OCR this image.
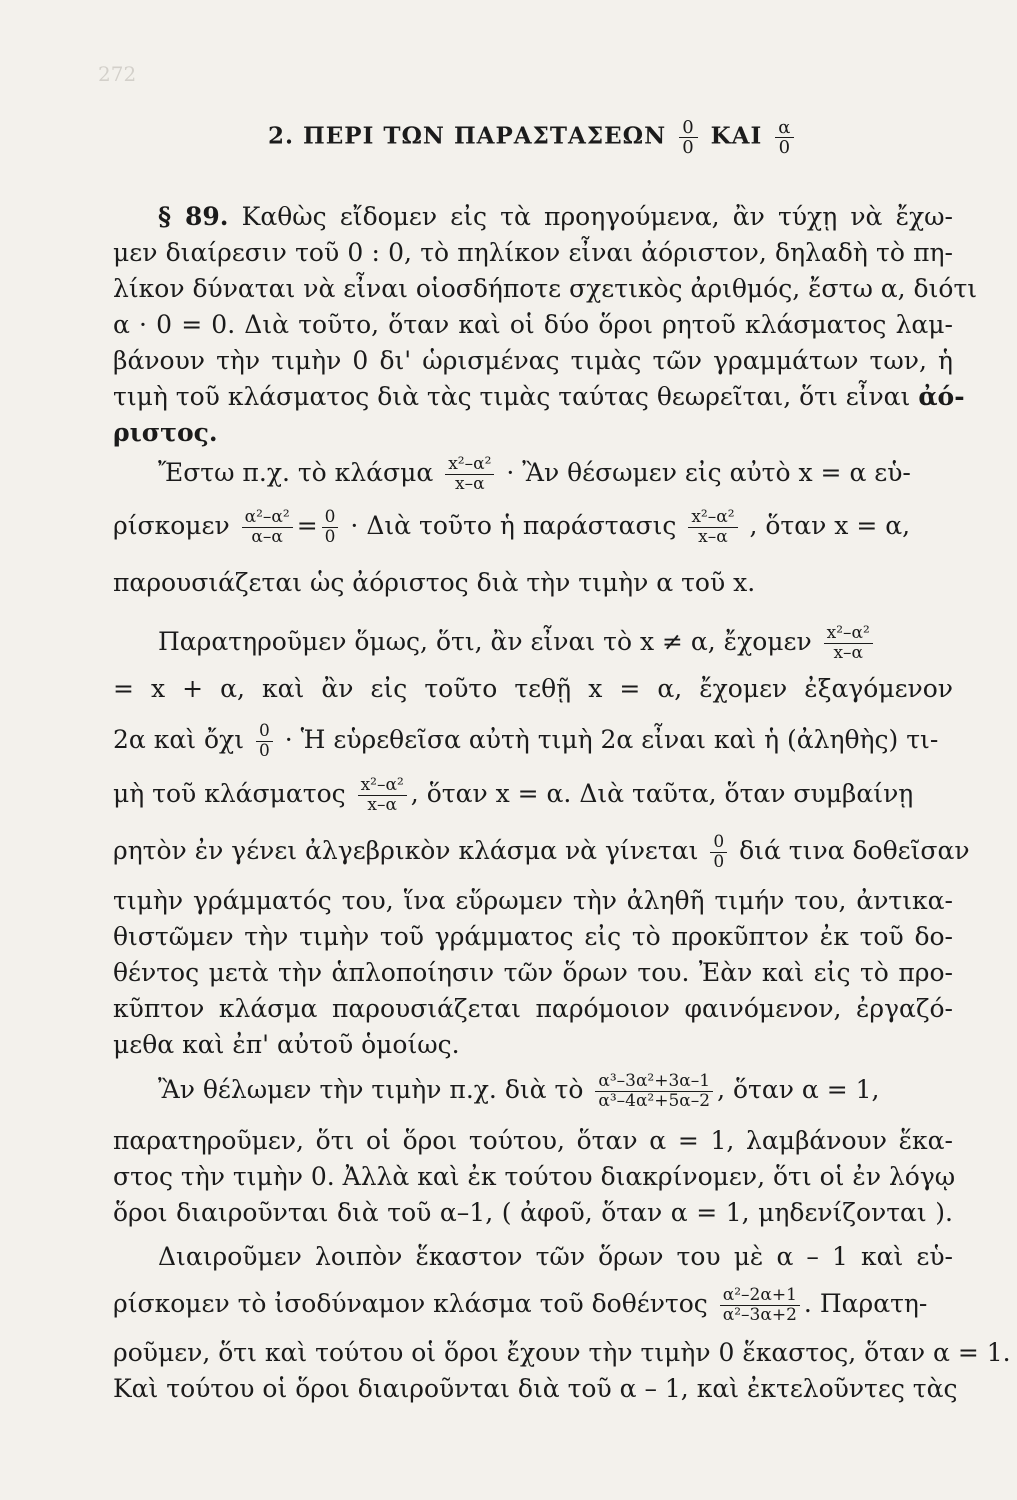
272
2. ΠΕΡΙ ΤΩΝ ΠΑΡΑΣΤΑΣΕΩΝ $\frac{0}{0}$ ΚΑΙ $\frac{\alpha}{0}$
§ 89. Καθὼς εἴδομεν εἰς τὰ προηγούμενα, ἂν τύχῃ νὰ ἔχω-
μεν διαίρεσιν τοῦ 0 : 0, τὸ πηλίκον εἶναι ἀόριστον, δηλαδὴ τὸ πη-
λίκον δύναται νὰ εἶναι οἱοσδήποτε σχετικὸς ἀριθμός, ἔστω α, διότι
α · 0 = 0. Διὰ τοῦτο, ὅταν καὶ οἱ δύο ὅροι ρητοῦ κλάσματος λαμ-
βάνουν τὴν τιμὴν 0 δι' ὡρισμένας τιμὰς τῶν γραμμάτων των, ἡ
τιμὴ τοῦ κλάσματος διὰ τὰς τιμὰς ταύτας θεωρεῖται, ὅτι εἶναι ἀό-
ριστος.
Ἔστω π.χ. τὸ κλάσμα $\frac{\text{x²–α²}}{x-\alpha}$ · Ἂν θέσωμεν εἰς αὐτὸ x = α εὑ-
ρίσκομεν $\frac{\text{α²–α²}}{\alpha-\alpha} = \frac{0}{0}$ · Διὰ τοῦτο ἡ παράστασις $\frac{\text{x²–α²}}{x-\alpha}$ , ὅταν x = α,
παρουσιάζεται ὡς ἀόριστος διὰ τὴν τιμὴν α τοῦ x.
Παρατηροῦμεν ὅμως, ὅτι, ἂν εἶναι τὸ x ≠ α, ἔχομεν $\frac{\text{x²–α²}}{x-\alpha}$
= x + α, καὶ ἂν εἰς τοῦτο τεθῇ x = α, ἔχομεν ἐξαγόμενον
2α καὶ ὄχι $\frac{0}{0}$ · Ἡ εὑρεθεῖσα αὐτὴ τιμὴ 2α εἶναι καὶ ἡ (ἀληθὴς) τι-
μὴ τοῦ κλάσματος $\frac{\text{x²–α²}}{x-\alpha}$ , ὅταν x = α. Διὰ ταῦτα, ὅταν συμβαίνῃ
ρητὸν ἐν γένει ἀλγεβρικὸν κλάσμα νὰ γίνεται $\frac{0}{0}$ διά τινα δοθεῖσαν
τιμὴν γράμματός του, ἵνα εὕρωμεν τὴν ἀληθῆ τιμήν του, ἀντικα-
θιστῶμεν τὴν τιμὴν τοῦ γράμματος εἰς τὸ προκῦπτον ἐκ τοῦ δο-
θέντος μετὰ τὴν ἁπλοποίησιν τῶν ὅρων του. Ἐὰν καὶ εἰς τὸ προ-
κῦπτον κλάσμα παρουσιάζεται παρόμοιον φαινόμενον, ἐργαζό-
μεθα καὶ ἐπ' αὐτοῦ ὁμοίως.
Ἂν θέλωμεν τὴν τιμὴν π.χ. διὰ τὸ $\frac{\text{α³–3α²+3α–1}}{\text{α³–4α²+5α–2}}$ , ὅταν α = 1,
παρατηροῦμεν, ὅτι οἱ ὅροι τούτου, ὅταν α = 1, λαμβάνουν ἕκα-
στος τὴν τιμὴν 0. Ἀλλὰ καὶ ἐκ τούτου διακρίνομεν, ὅτι οἱ ἐν λόγῳ
ὅροι διαιροῦνται διὰ τοῦ α–1, ( ἀφοῦ, ὅταν α = 1, μηδενίζονται ).
Διαιροῦμεν λοιπὸν ἕκαστον τῶν ὅρων του μὲ α – 1 καὶ εὑ-
ρίσκομεν τὸ ἰσοδύναμον κλάσμα τοῦ δοθέντος $\frac{\text{α²–2α+1}}{\text{α²–3α+2}}$ . Παρατη-
ροῦμεν, ὅτι καὶ τούτου οἱ ὅροι ἔχουν τὴν τιμὴν 0 ἕκαστος, ὅταν α = 1.
Καὶ τούτου οἱ ὅροι διαιροῦνται διὰ τοῦ α – 1, καὶ ἐκτελοῦντες τὰς
